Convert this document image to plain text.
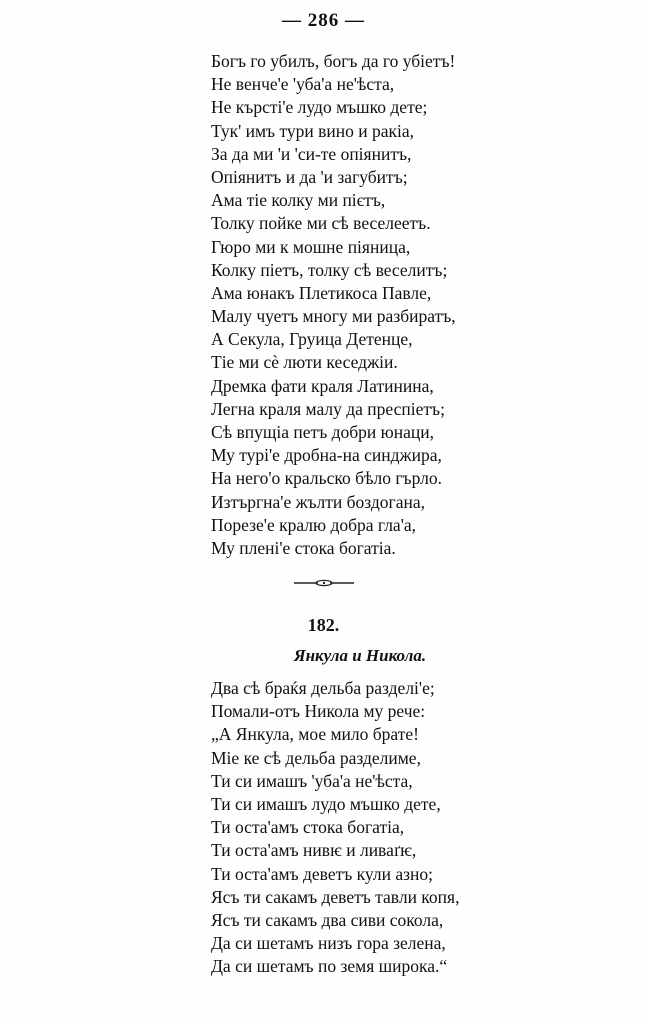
— 286 —
Богъ го убилъ, богъ да го убіетъ!
Не венче'е 'уба'а не'ѣста,
Не кърсті'е лудо мъшко дете;
Тук' имъ тури вино и ракіа,
За да ми 'и 'си-те опіянитъ,
Опіянитъ и да 'и загубитъ;
Ама тіе колку ми пієтъ,
Толку пойке ми сѣ веселеетъ.
Гюро ми к мошне піяница,
Колку піетъ, толку сѣ веселитъ;
Ама юнакъ Плетикоса Павле,
Малу чуетъ многу ми разбиратъ,
А Секула, Груица Детенце,
Тіе ми сѐ люти кеседжіи.
Дремка фати краля Латинина,
Легна краля малу да преспіетъ;
Сѣ впущіа петъ добри юнаци,
Му турі'е дробна-на синджира,
На него'о кральско бѣло гърло.
Изтъргна'е жълти боздогана,
Порезе'е кралю добра гла'а,
Му плені'е стока богатіа.
182.
Янкула и Никола.
Два сѣ браќя дельба разделі'е;
Помали-отъ Никола му рече:
„А Янкула, мое мило брате!
Міе ке сѣ дельба разделиме,
Ти си имашъ 'уба'а не'ѣста,
Ти си имашъ лудо мъшко дете,
Ти оста'амъ стока богатіа,
Ти оста'амъ нивѥ и ливаґѥ,
Ти оста'амъ деветъ кули азно;
Ясъ ти сакамъ деветъ тавли копя,
Ясъ ти сакамъ два сиви сокола,
Да си шетамъ низъ гора зелена,
Да си шетамъ по земя широка.“
